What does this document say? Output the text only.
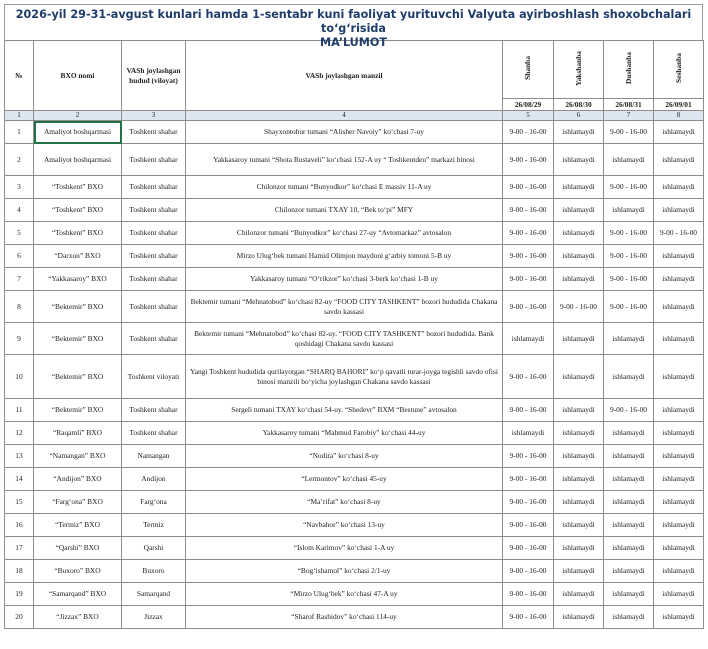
2026-yil 29-31-avgust kunlari hamda 1-sentabr kuni faoliyat yurituvchi Valyuta ayirboshlash shoxobchalari to‘g‘risida
MA’LUMOT
№	BXO nomi	VASh joylashgan hudud (viloyat)	VASh joylashgan manzil	Shanba	Yakshanba	Dushanba	Seshanba
				26/08/29	26/08/30	26/08/31	26/09/01
1	2	3	4	5	6	7	8
1	Amaliyot boshqarmasi	Toshkent shahar	Shayxontohur tumani “Alisher Navoiy” ko‘chasi 7-uy	9-00 - 16-00	ishlamaydi	9-00 - 16-00	ishlamaydi
2	Amaliyot boshqarmasi	Toshkent shahar	Yakkasaroy tumani “Shota Rustaveli” ko‘chasi 152-A uy “ Toshkentdeu” markazi binosi	9-00 - 16-00	ishlamaydi	ishlamaydi	ishlamaydi
3	“Toshkent” BXO	Toshkent shahar	Chilonzor tumani “Bunyodkor” ko‘chasi E massiv 11-A uy	9-00 - 16-00	ishlamaydi	9-00 - 16-00	ishlamaydi
4	“Toshkent” BXO	Toshkent shahar	Chilonzor tumani TXAY 10, “Bek to‘pi” MFY	9-00 - 16-00	ishlamaydi	ishlamaydi	ishlamaydi
5	“Toshkent” BXO	Toshkent shahar	Chilonzor tumani “Bunyodkor” ko‘chasi 27-uy “Avtomarkaz” avtosalon	9-00 - 16-00	ishlamaydi	9-00 - 16-00	9-00 - 16-00
6	“Darxon” BXO	Toshkent shahar	Mirzo Ulug‘bek tumani Hamid Olimjon maydoni g‘arbiy tomoni 5-B uy	9-00 - 16-00	ishlamaydi	9-00 - 16-00	ishlamaydi
7	“Yakkasaroy” BXO	Toshkent shahar	Yakkasaroy tumani “O‘rikzor” ko‘chasi 3-berk ko‘chasi 1-B uy	9-00 - 16-00	ishlamaydi	9-00 - 16-00	ishlamaydi
8	“Bektemir” BXO	Toshkent shahar	Bektemir tumani “Mehnatobod” ko‘chasi 82-uy “FOOD CITY TASHKENT” bozori hududida Chakana savdo kassasi	9-00 - 16-00	9-00 - 16-00	9-00 - 16-00	ishlamaydi
9	“Bektemir” BXO	Toshkent shahar	Bektemir tumani “Mehnatobod” ko‘chasi 82-uy. “FOOD CITY TASHKENT” bozori hududida. Bank qoshidagi Chakana savdo kassasi	ishlamaydi	ishlamaydi	ishlamaydi	ishlamaydi
10	“Bektemir” BXO	Toshkent viloyati	Yangi Toshkent hududida qurilayotgan “SHARQ BAHORI” ko‘p qavatli turar-joyga tegishli savdo ofisi binosi manzili bo‘yicha joylashgan Chakana savdo kassasi	9-00 - 16-00	ishlamaydi	ishlamaydi	ishlamaydi
11	“Bektemir” BXO	Toshkent shahar	Sergeli tumani TXAY ko‘chasi 54-uy. “Shedevr” BXM “Bestune” avtosalon	9-00 - 16-00	ishlamaydi	9-00 - 16-00	ishlamaydi
12	“Raqamli” BXO	Toshkent shahar	Yakkasaroy tumani “Mahmud Farobiy” ko‘chasi 44-uy	ishlamaydi	ishlamaydi	ishlamaydi	ishlamaydi
13	“Namangan” BXO	Namangan	“Nodira” ko‘chasi 8-uy	9-00 - 16-00	ishlamaydi	ishlamaydi	ishlamaydi
14	“Andijon” BXO	Andijon	“Lermontov” ko‘chasi 45-uy	9-00 - 16-00	ishlamaydi	ishlamaydi	ishlamaydi
15	“Farg‘ona” BXO	Farg‘ona	“Ma’rifat” ko‘chasi 8-uy	9-00 - 16-00	ishlamaydi	ishlamaydi	ishlamaydi
16	“Termiz” BXO	Termiz	“Navbahor” ko‘chasi 13-uy	9-00 - 16-00	ishlamaydi	ishlamaydi	ishlamaydi
17	“Qarshi” BXO	Qarshi	“Islom Karimov” ko‘chasi 1-A uy	9-00 - 16-00	ishlamaydi	ishlamaydi	ishlamaydi
18	“Buxoro” BXO	Buxoro	“Bog‘ishamol” ko‘chasi 2/1-uy	9-00 - 16-00	ishlamaydi	ishlamaydi	ishlamaydi
19	“Samarqand” BXO	Samarqand	“Mirzo Ulug‘bek” ko‘chasi 47-A uy	9-00 - 16-00	ishlamaydi	ishlamaydi	ishlamaydi
20	“Jizzax” BXO	Jizzax	“Sharof Rashidov” ko‘chasi 114-uy	9-00 - 16-00	ishlamaydi	ishlamaydi	ishlamaydi
